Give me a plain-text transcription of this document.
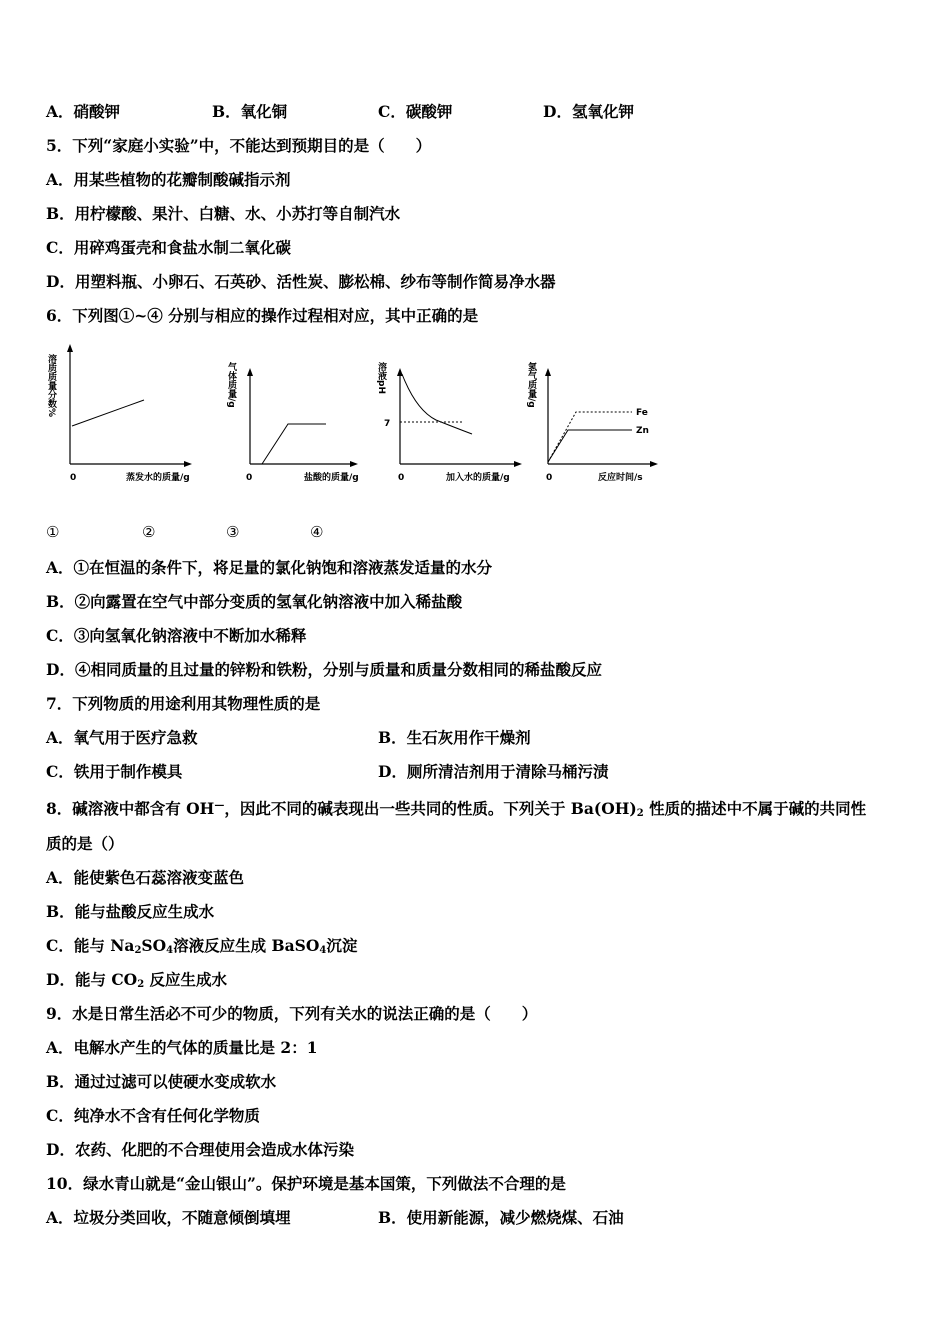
A．硝酸钾	B．氧化铜	C．碳酸钾	D．氢氧化钾
5．下列“家庭小实验”中，不能达到预期目的是（　　）
A．用某些植物的花瓣制酸碱指示剂
B．用柠檬酸、果汁、白糖、水、小苏打等自制汽水
C．用碎鸡蛋壳和食盐水制二氧化碳
D．用塑料瓶、小卵石、石英砂、活性炭、膨松棉、纱布等制作简易净水器
6．下列图①~④ 分别与相应的操作过程相对应，其中正确的是
溶质质量分数%
0	蒸发水的质量/g
气体质量/g
0	盐酸的质量/g
溶液pH
7
0	加入水的质量/g
氢气质量/g
Fe
Zn
0	反应时间/s
①	②	③	④
A．①在恒温的条件下，将足量的氯化钠饱和溶液蒸发适量的水分
B．②向露置在空气中部分变质的氢氧化钠溶液中加入稀盐酸
C．③向氢氧化钠溶液中不断加水稀释
D．④相同质量的且过量的锌粉和铁粉，分别与质量和质量分数相同的稀盐酸反应
7．下列物质的用途利用其物理性质的是
A．氧气用于医疗急救	B．生石灰用作干燥剂
C．铁用于制作模具	D．厕所清洁剂用于清除马桶污渍
8．碱溶液中都含有 OH—，因此不同的碱表现出一些共同的性质。下列关于 $Ba(OH)_2$ 性质的描述中不属于碱的共同性
质的是（）
A．能使紫色石蕊溶液变蓝色
B．能与盐酸反应生成水
C．能与 $Na_2SO_4$溶液反应生成 BaSO$_4$沉淀
D．能与 $CO_2$ 反应生成水
9．水是日常生活必不可少的物质，下列有关水的说法正确的是（　　）
A．电解水产生的气体的质量比是 2：1
B．通过过滤可以使硬水变成软水
C．纯净水不含有任何化学物质
D．农药、化肥的不合理使用会造成水体污染
10．绿水青山就是“金山银山”。保护环境是基本国策，下列做法不合理的是
A．垃圾分类回收，不随意倾倒填埋	B．使用新能源，减少燃烧煤、石油
